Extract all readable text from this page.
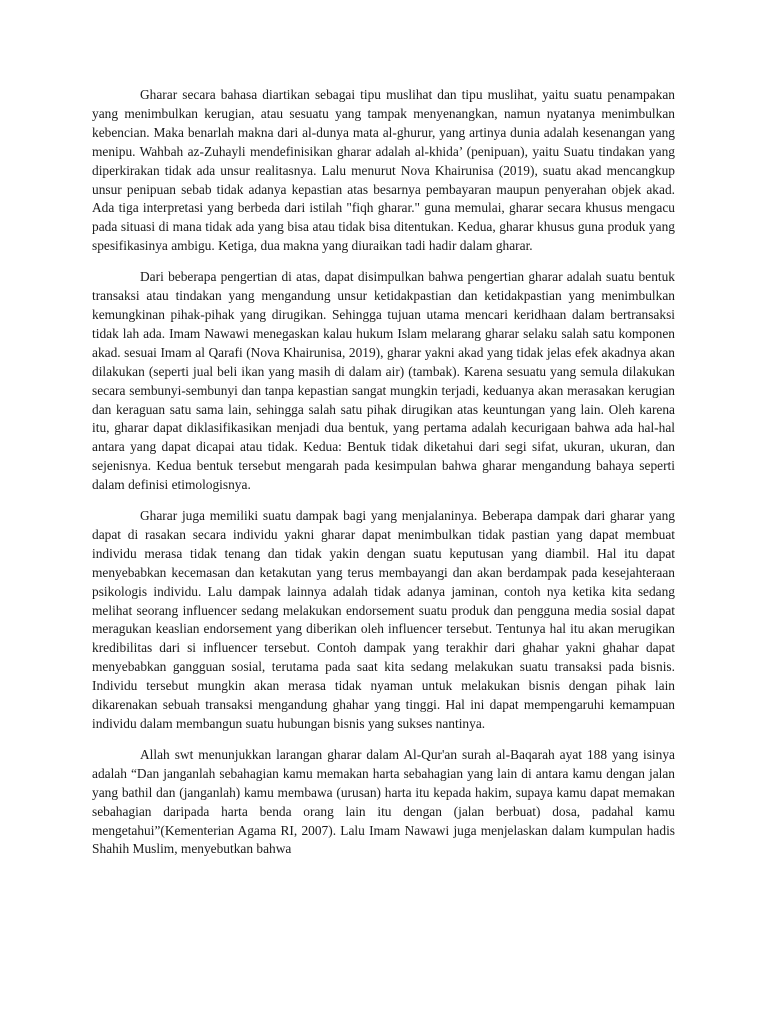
Gharar secara bahasa diartikan sebagai tipu muslihat dan tipu muslihat, yaitu suatu penampakan yang menimbulkan kerugian, atau sesuatu yang tampak menyenangkan, namun nyatanya menimbulkan kebencian. Maka benarlah makna dari al-dunya mata al-ghurur, yang artinya dunia adalah kesenangan yang menipu. Wahbah az-Zuhayli mendefinisikan gharar adalah al-khida’ (penipuan), yaitu Suatu tindakan yang diperkirakan tidak ada unsur realitasnya. Lalu menurut Nova Khairunisa (2019), suatu akad mencangkup unsur penipuan sebab tidak adanya kepastian atas besarnya pembayaran maupun penyerahan objek akad. Ada tiga interpretasi yang berbeda dari istilah "fiqh gharar." guna memulai, gharar secara khusus mengacu pada situasi di mana tidak ada yang bisa atau tidak bisa ditentukan. Kedua, gharar khusus guna produk yang spesifikasinya ambigu. Ketiga, dua makna yang diuraikan tadi hadir dalam gharar.

Dari beberapa pengertian di atas, dapat disimpulkan bahwa pengertian gharar adalah suatu bentuk transaksi atau tindakan yang mengandung unsur ketidakpastian dan ketidakpastian yang menimbulkan kemungkinan pihak-pihak yang dirugikan. Sehingga tujuan utama mencari keridhaan dalam bertransaksi tidak lah ada. Imam Nawawi menegaskan kalau hukum Islam melarang gharar selaku salah satu komponen akad. sesuai Imam al Qarafi (Nova Khairunisa, 2019), gharar yakni akad yang tidak jelas efek akadnya akan dilakukan (seperti jual beli ikan yang masih di dalam air) (tambak). Karena sesuatu yang semula dilakukan secara sembunyi-sembunyi dan tanpa kepastian sangat mungkin terjadi, keduanya akan merasakan kerugian dan keraguan satu sama lain, sehingga salah satu pihak dirugikan atas keuntungan yang lain. Oleh karena itu, gharar dapat diklasifikasikan menjadi dua bentuk, yang pertama adalah kecurigaan bahwa ada hal-hal antara yang dapat dicapai atau tidak. Kedua: Bentuk tidak diketahui dari segi sifat, ukuran, ukuran, dan sejenisnya. Kedua bentuk tersebut mengarah pada kesimpulan bahwa gharar mengandung bahaya seperti dalam definisi etimologisnya.

Gharar juga memiliki suatu dampak bagi yang menjalaninya. Beberapa dampak dari gharar yang dapat di rasakan secara individu yakni gharar dapat menimbulkan tidak pastian yang dapat membuat individu merasa tidak tenang dan tidak yakin dengan suatu keputusan yang diambil. Hal itu dapat menyebabkan kecemasan dan ketakutan yang terus membayangi dan akan berdampak pada kesejahteraan psikologis individu. Lalu dampak lainnya adalah tidak adanya jaminan, contoh nya ketika kita sedang melihat seorang influencer sedang melakukan endorsement suatu produk dan pengguna media sosial dapat meragukan keaslian endorsement yang diberikan oleh influencer tersebut. Tentunya hal itu akan merugikan kredibilitas dari si influencer tersebut. Contoh dampak yang terakhir dari ghahar yakni ghahar dapat menyebabkan gangguan sosial, terutama pada saat kita sedang melakukan suatu transaksi pada bisnis. Individu tersebut mungkin akan merasa tidak nyaman untuk melakukan bisnis dengan pihak lain dikarenakan sebuah transaksi mengandung ghahar yang tinggi. Hal ini dapat mempengaruhi kemampuan individu dalam membangun suatu hubungan bisnis yang sukses nantinya.

Allah swt menunjukkan larangan gharar dalam Al-Qur'an surah al-Baqarah ayat 188 yang isinya adalah “Dan janganlah sebahagian kamu memakan harta sebahagian yang lain di antara kamu dengan jalan yang bathil dan (janganlah) kamu membawa (urusan) harta itu kepada hakim, supaya kamu dapat memakan sebahagian daripada harta benda orang lain itu dengan (jalan berbuat) dosa, padahal kamu mengetahui”(Kementerian Agama RI, 2007). Lalu Imam Nawawi juga menjelaskan dalam kumpulan hadis Shahih Muslim, menyebutkan bahwa
